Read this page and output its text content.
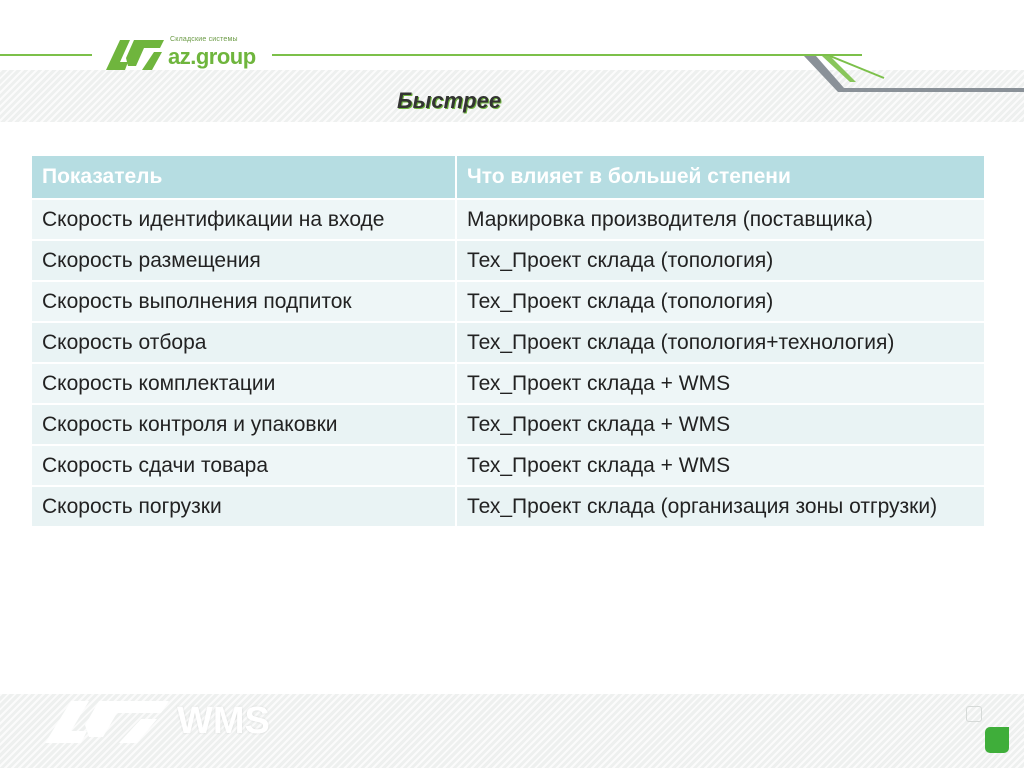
Складские системы
az.group
Быстрее
Показатель	Что влияет в большей степени
Скорость идентификации на входе	Маркировка производителя (поставщика)
Скорость размещения	Тех_Проект склада (топология)
Скорость выполнения подпиток	Тех_Проект склада (топология)
Скорость отбора	Тех_Проект склада (топология+технология)
Скорость комплектации	Тех_Проект склада + WMS
Скорость контроля и упаковки	Тех_Проект склада + WMS
Скорость сдачи товара	Тех_Проект склада + WMS
Скорость погрузки	Тех_Проект склада (организация зоны отгрузки)
WMS
